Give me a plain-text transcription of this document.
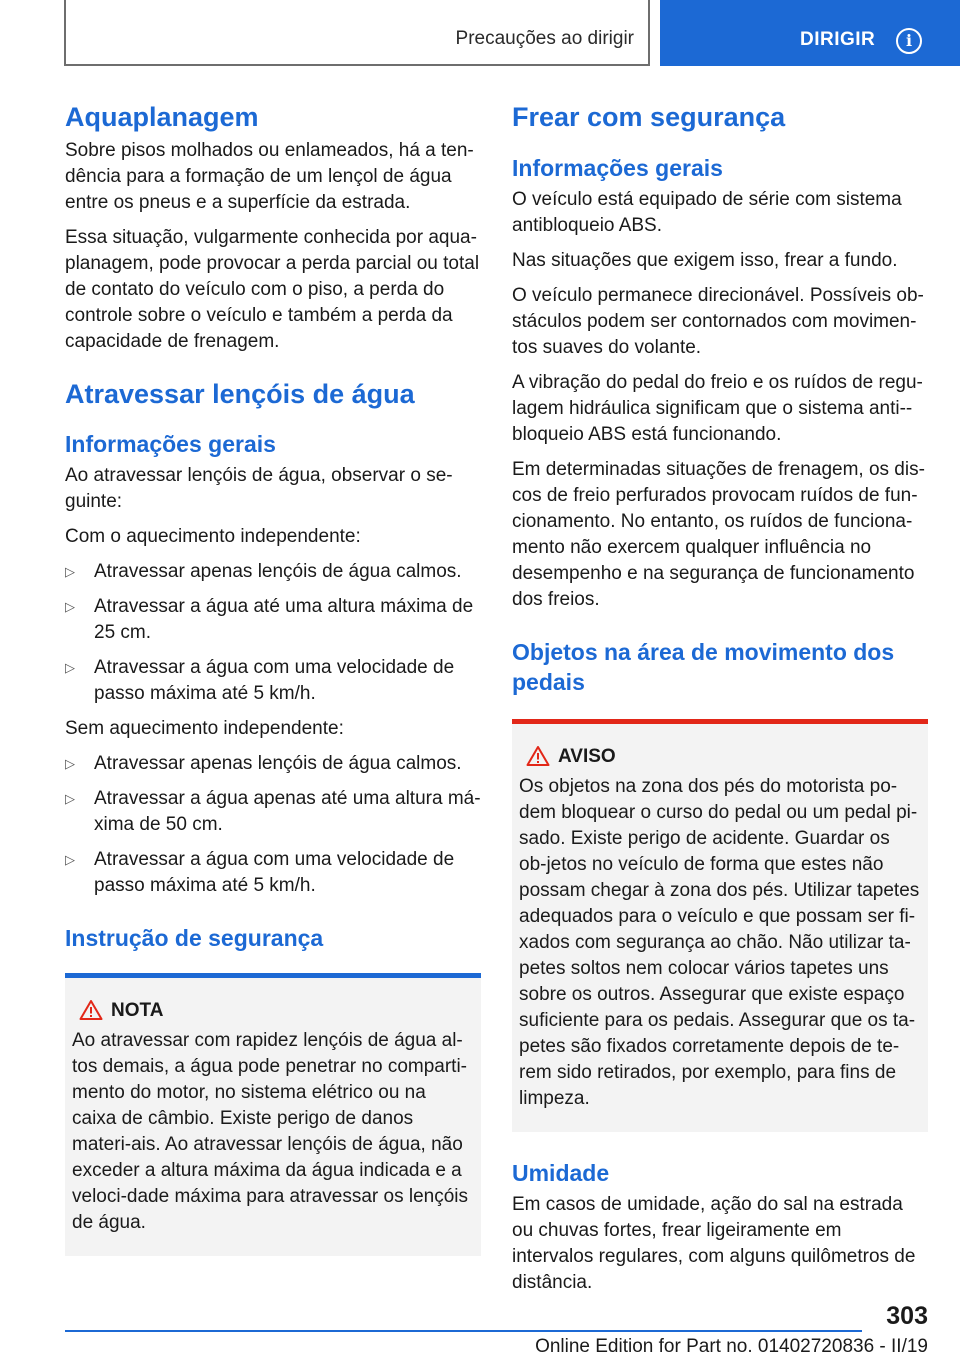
Precauções ao dirigir	DIRIGIR	i
Aquaplanagem

Sobre pisos molhados ou enlameados, há a ten‐dência para a formação de um lençol de água entre os pneus e a superfície da estrada.

Essa situação, vulgarmente conhecida por aqua‐planagem, pode provocar a perda parcial ou total de contato do veículo com o piso, a perda do controle sobre o veículo e também a perda da capacidade de frenagem.

Atravessar lençóis de água
Informações gerais

Ao atravessar lençóis de água, observar o se‐guinte:

Com o aquecimento independente:

▷ Atravessar apenas lençóis de água calmos.
▷ Atravessar a água até uma altura máxima de 25 cm.
▷ Atravessar a água com uma velocidade de passo máxima até 5 km/h.

Sem aquecimento independente:

▷ Atravessar apenas lençóis de água calmos.
▷ Atravessar a água apenas até uma altura má‐xima de 50 cm.
▷ Atravessar a água com uma velocidade de passo máxima até 5 km/h.
Instrução de segurança
NOTA

Ao atravessar com rapidez lençóis de água al‐tos demais, a água pode penetrar no comparti‐mento do motor, no sistema elétrico ou na caixa de câmbio. Existe perigo de danos materi‐ais. Ao atravessar lençóis de água, não exceder a altura máxima da água indicada e a veloci‐dade máxima para atravessar os lençóis de água.

Frear com segurança
Informações gerais

O veículo está equipado de série com sistema antibloqueio ABS.

Nas situações que exigem isso, frear a fundo.

O veículo permanece direcionável. Possíveis ob‐stáculos podem ser contornados com movimen‐tos suaves do volante.

A vibração do pedal do freio e os ruídos de regu‐lagem hidráulica significam que o sistema anti‐-bloqueio ABS está funcionando.

Em determinadas situações de frenagem, os dis‐cos de freio perfurados provocam ruídos de fun‐cionamento. No entanto, os ruídos de funciona‐mento não exercem qualquer influência no desempenho e na segurança de funcionamento dos freios.

Objetos na área de movimento dos pedais
AVISO

Os objetos na zona dos pés do motorista po‐dem bloquear o curso do pedal ou um pedal pi‐sado. Existe perigo de acidente. Guardar os ob‐jetos no veículo de forma que estes não possam chegar à zona dos pés. Utilizar tapetes adequados para o veículo e que possam ser fi‐xados com segurança ao chão. Não utilizar ta‐petes soltos nem colocar vários tapetes uns sobre os outros. Assegurar que existe espaço suficiente para os pedais. Assegurar que os ta‐petes são fixados corretamente depois de te‐rem sido retirados, por exemplo, para fins de limpeza.

Umidade

Em casos de umidade, ação do sal na estrada ou chuvas fortes, frear ligeiramente em intervalos regulares, com alguns quilômetros de distância.

303
Online Edition for Part no. 01402720836 - II/19
